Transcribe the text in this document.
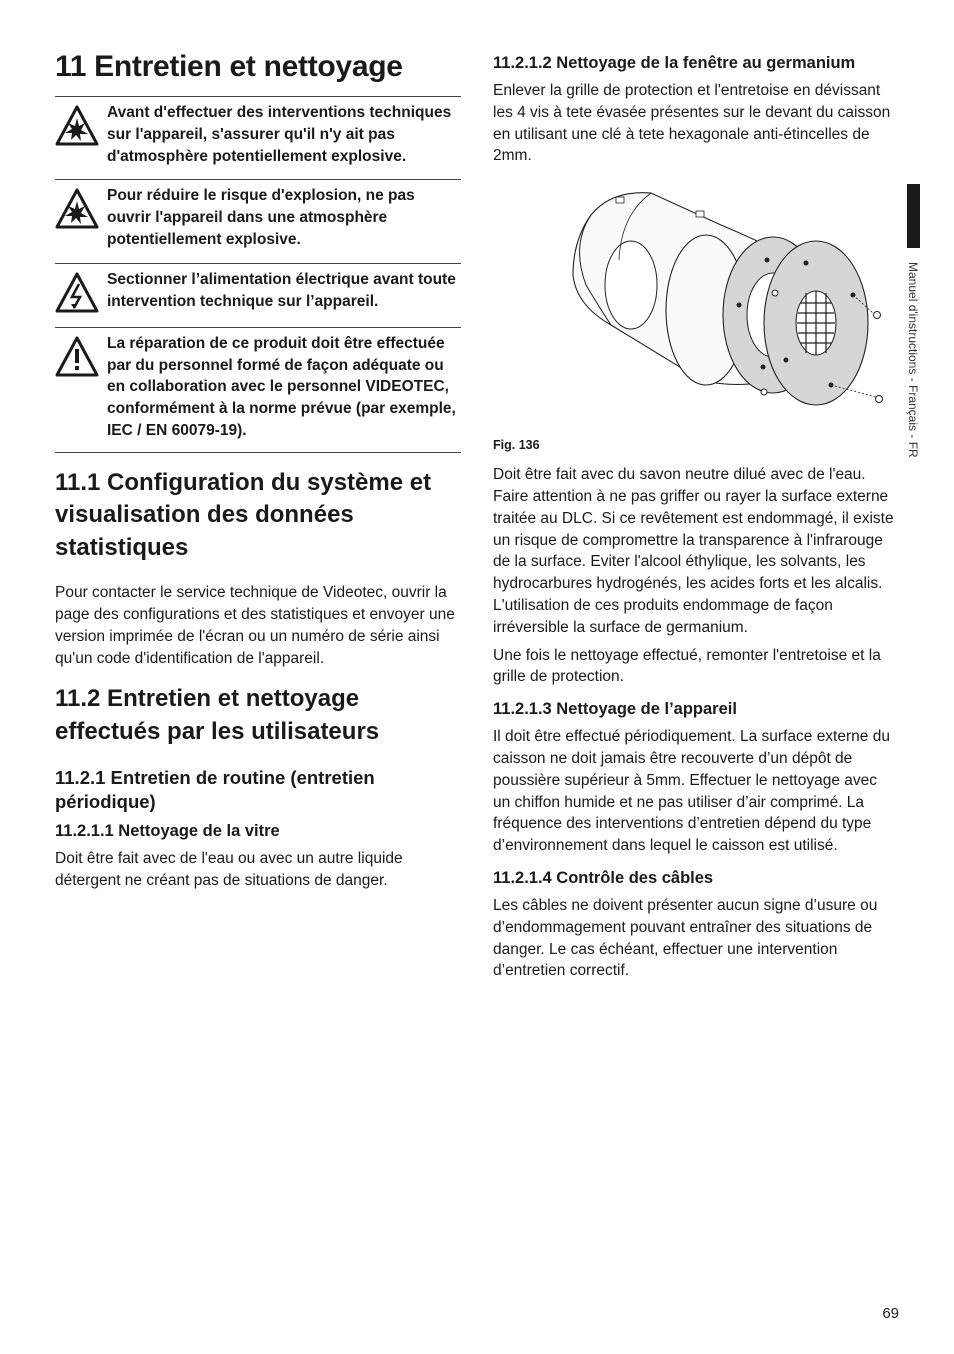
11 Entretien et nettoyage
Avant d'effectuer des interventions techniques sur l'appareil, s'assurer qu'il n'y ait pas d'atmosphère potentiellement explosive.
Pour réduire le risque d'explosion, ne pas ouvrir l'appareil dans une atmosphère potentiellement explosive.
Sectionner l’alimentation électrique avant toute intervention technique sur l’appareil.
La réparation de ce produit doit être effectuée par du personnel formé de façon adéquate ou en collaboration avec le personnel VIDEOTEC, conformément à la norme prévue (par exemple, IEC / EN 60079-19).
11.1 Configuration du système et visualisation des données statistiques

Pour contacter le service technique de Videotec, ouvrir la page des configurations et des statistiques et envoyer une version imprimée de l'écran ou un numéro de série ainsi qu'un code d'identification de l'appareil.

11.2 Entretien et nettoyage effectués par les utilisateurs
11.2.1 Entretien de routine (entretien périodique)
11.2.1.1 Nettoyage de la vitre

Doit être fait avec de l'eau ou avec un autre liquide détergent ne créant pas de situations de danger.

11.2.1.2 Nettoyage de la fenêtre au germanium

Enlever la grille de protection et l'entretoise en dévissant les 4 vis à tete évasée présentes sur le devant du caisson en utilisant une clé à tete hexagonale anti-étincelles de 2mm.

Fig. 136

Doit être fait avec du savon neutre dilué avec de l'eau. Faire attention à ne pas griffer ou rayer la surface externe traitée au DLC. Si ce revêtement est endommagé, il existe un risque de compromettre la transparence à l'infrarouge de la surface. Eviter l'alcool éthylique, les solvants, les hydrocarbures hydrogénés, les acides forts et les alcalis. L'utilisation de ces produits endommage de façon irréversible la surface de germanium.

Une fois le nettoyage effectué, remonter l'entretoise et la grille de protection.

11.2.1.3 Nettoyage de l’appareil

Il doit être effectué périodiquement. La surface externe du caisson ne doit jamais être recouverte d’un dépôt de poussière supérieur à 5mm. Effectuer le nettoyage avec un chiffon humide et ne pas utiliser d’air comprimé. La fréquence des interventions d’entretien dépend du type d’environnement dans lequel le caisson est utilisé.

11.2.1.4 Contrôle des câbles

Les câbles ne doivent présenter aucun signe d’usure ou d’endommagement pouvant entraîner des situations de danger. Le cas échéant, effectuer une intervention d’entretien correctif.

Manuel d'instructions - Français - FR
69
